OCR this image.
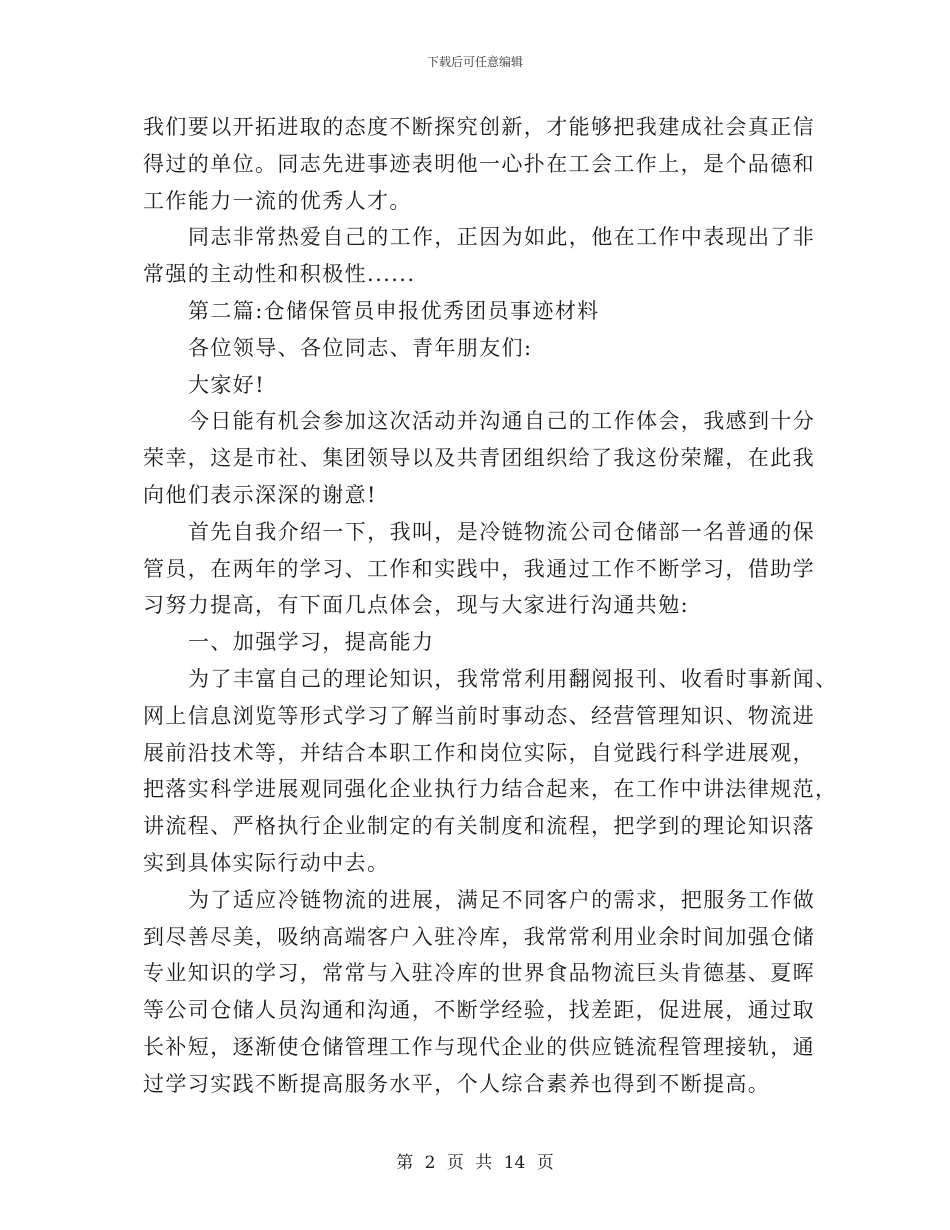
下载后可任意编辑
我们要以开拓进取的态度不断探究创新，才能够把我建成社会真正信
得过的单位。同志先进事迹表明他一心扑在工会工作上，是个品德和
工作能力一流的优秀人才。
同志非常热爱自己的工作，正因为如此，他在工作中表现出了非
常强的主动性和积极性......
第二篇:仓储保管员申报优秀团员事迹材料
各位领导、各位同志、青年朋友们:
大家好!
今日能有机会参加这次活动并沟通自己的工作体会，我感到十分
荣幸，这是市社、集团领导以及共青团组织给了我这份荣耀，在此我
向他们表示深深的谢意!
首先自我介绍一下，我叫，是冷链物流公司仓储部一名普通的保
管员，在两年的学习、工作和实践中，我通过工作不断学习，借助学
习努力提高，有下面几点体会，现与大家进行沟通共勉:
一、加强学习，提高能力
为了丰富自己的理论知识，我常常利用翻阅报刊、收看时事新闻、
网上信息浏览等形式学习了解当前时事动态、经营管理知识、物流进
展前沿技术等，并结合本职工作和岗位实际，自觉践行科学进展观，
把落实科学进展观同强化企业执行力结合起来，在工作中讲法律规范，
讲流程、严格执行企业制定的有关制度和流程，把学到的理论知识落
实到具体实际行动中去。
为了适应冷链物流的进展，满足不同客户的需求，把服务工作做
到尽善尽美，吸纳高端客户入驻冷库，我常常利用业余时间加强仓储
专业知识的学习，常常与入驻冷库的世界食品物流巨头肯德基、夏晖
等公司仓储人员沟通和沟通，不断学经验，找差距，促进展，通过取
长补短，逐渐使仓储管理工作与现代企业的供应链流程管理接轨，通
过学习实践不断提高服务水平，个人综合素养也得到不断提高。
第 2 页 共 14 页
